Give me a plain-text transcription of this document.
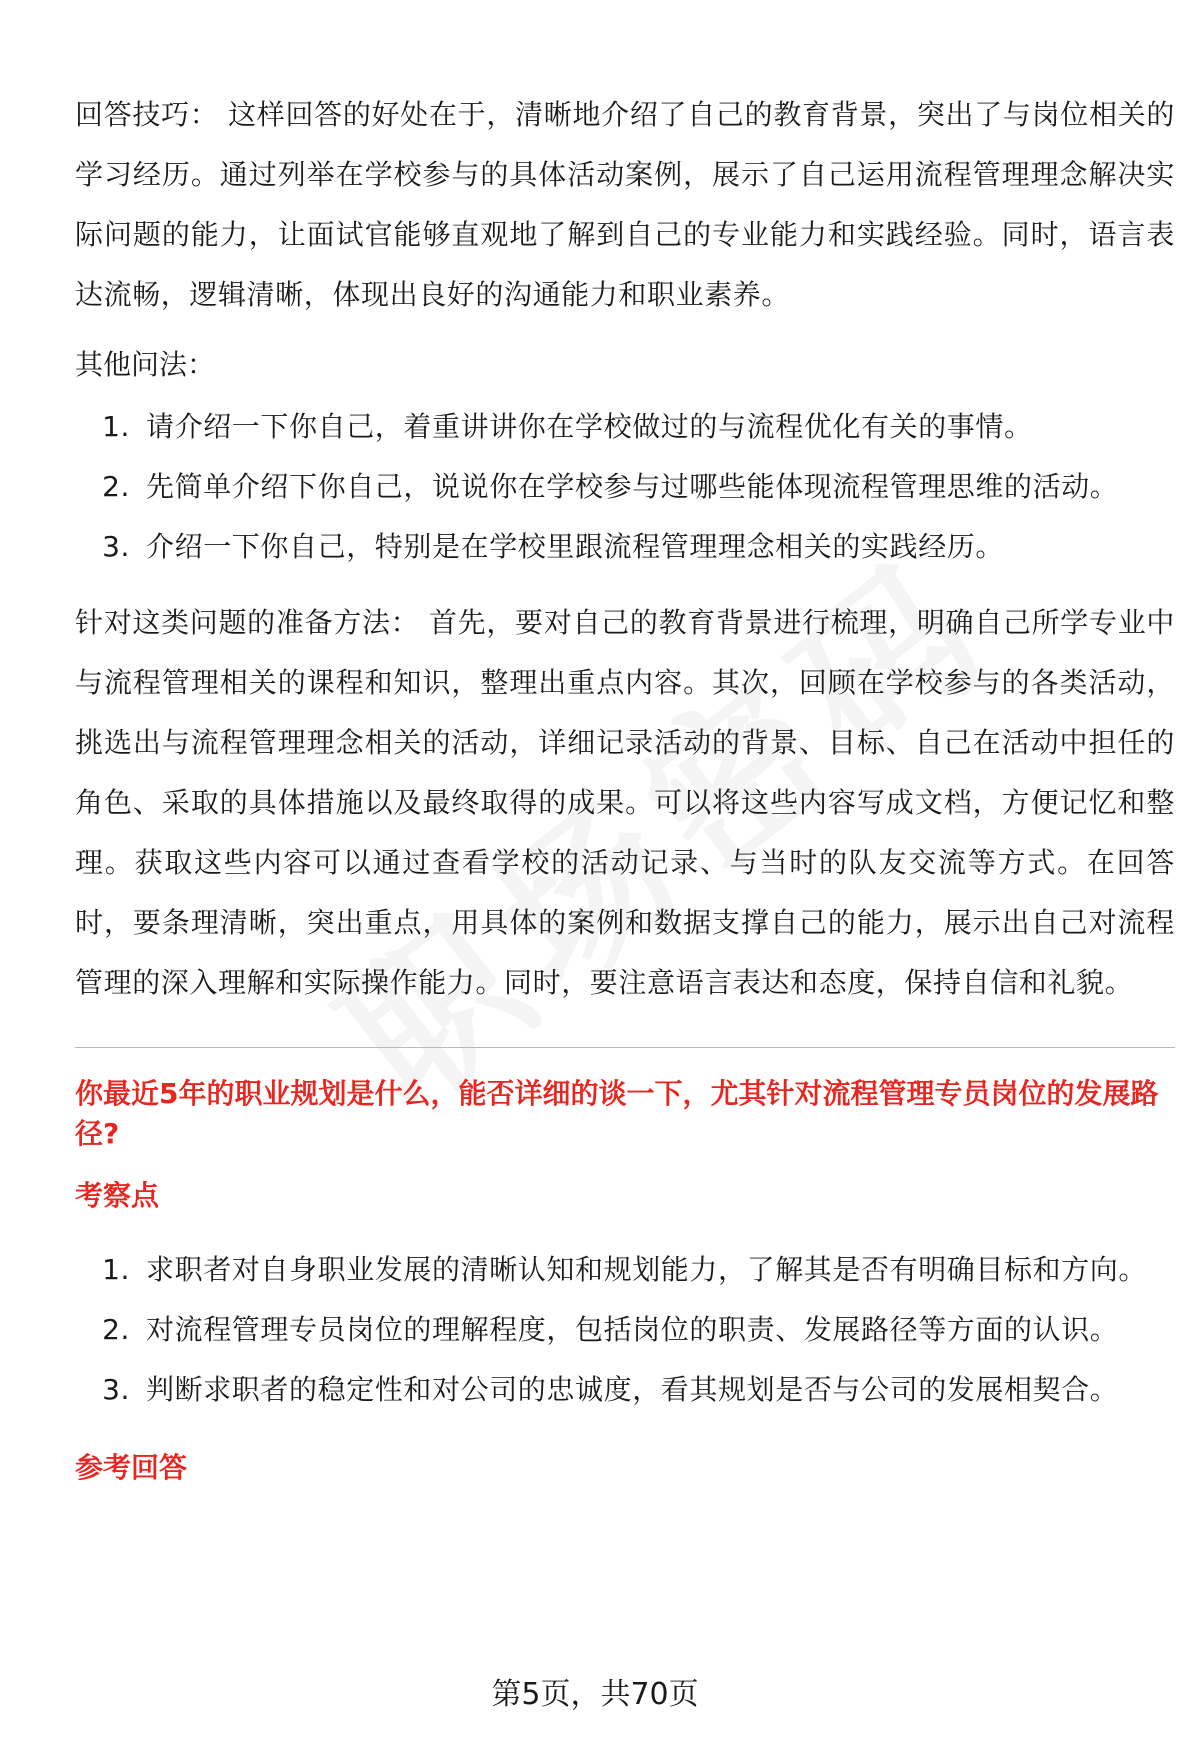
回答技巧： 这样回答的好处在于，清晰地介绍了自己的教育背景，突出了与岗位相关的学习经历。通过列举在学校参与的具体活动案例，展示了自己运用流程管理理念解决实际问题的能力，让面试官能够直观地了解到自己的专业能力和实践经验。同时，语言表达流畅，逻辑清晰，体现出良好的沟通能力和职业素养。

其他问法：
1. 请介绍一下你自己，着重讲讲你在学校做过的与流程优化有关的事情。
2. 先简单介绍下你自己，说说你在学校参与过哪些能体现流程管理思维的活动。
3. 介绍一下你自己，特别是在学校里跟流程管理理念相关的实践经历。

针对这类问题的准备方法： 首先，要对自己的教育背景进行梳理，明确自己所学专业中与流程管理相关的课程和知识，整理出重点内容。其次，回顾在学校参与的各类活动，挑选出与流程管理理念相关的活动，详细记录活动的背景、目标、自己在活动中担任的角色、采取的具体措施以及最终取得的成果。可以将这些内容写成文档，方便记忆和整理。获取这些内容可以通过查看学校的活动记录、与当时的队友交流等方式。在回答时，要条理清晰，突出重点，用具体的案例和数据支撑自己的能力，展示出自己对流程管理的深入理解和实际操作能力。同时，要注意语言表达和态度，保持自信和礼貌。

你最近5年的职业规划是什么，能否详细的谈一下，尤其针对流程管理专员岗位的发展路径?
考察点
1. 求职者对自身职业发展的清晰认知和规划能力，了解其是否有明确目标和方向。
2. 对流程管理专员岗位的理解程度，包括岗位的职责、发展路径等方面的认识。
3. 判断求职者的稳定性和对公司的忠诚度，看其规划是否与公司的发展相契合。
参考回答
第5页，共70页
